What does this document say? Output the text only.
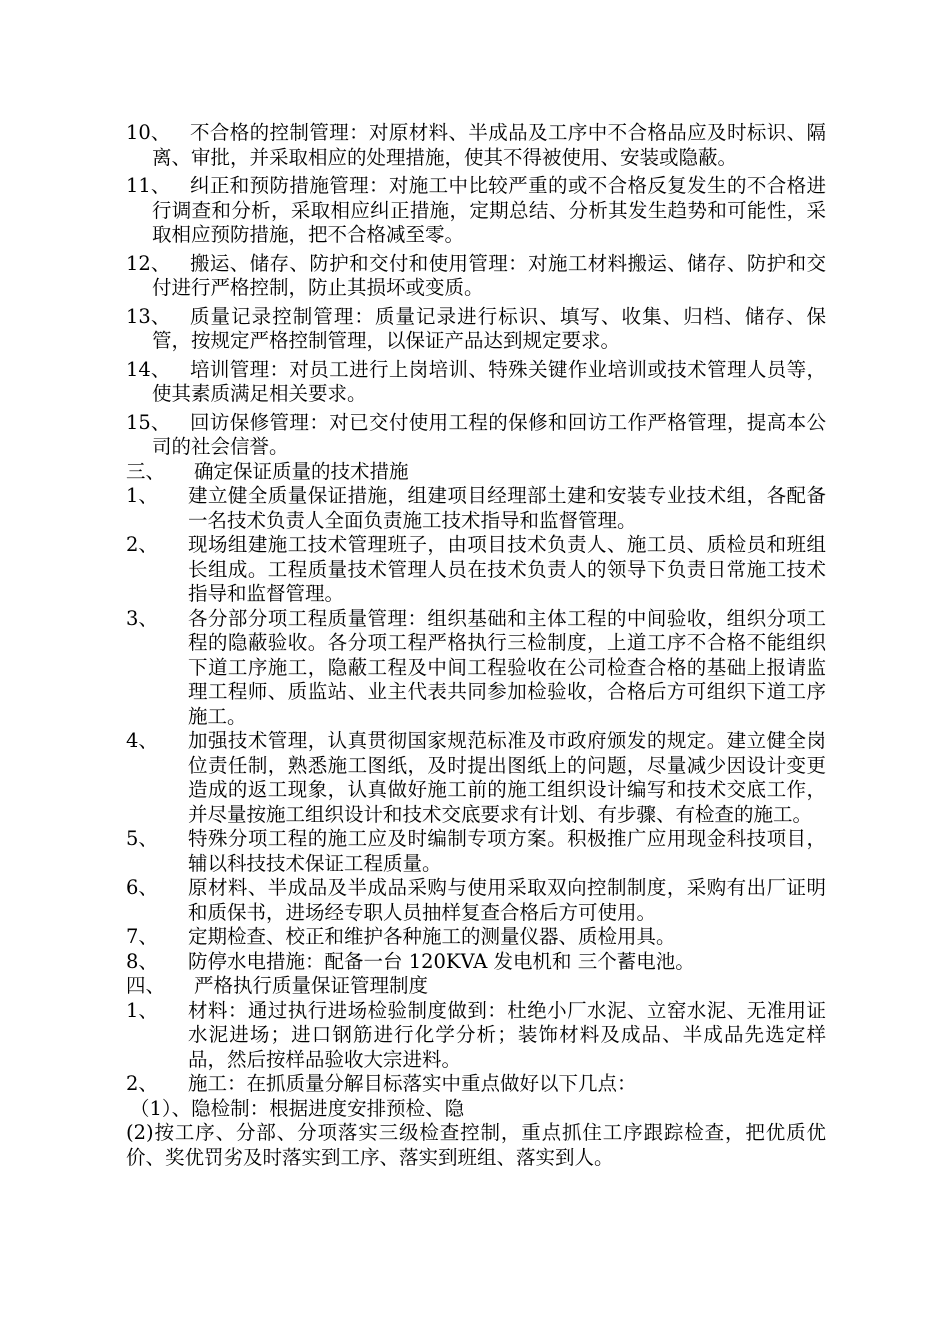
10、	不合格的控制管理：对原材料、半成品及工序中不合格品应及时标识、隔离、审批，并采取相应的处理措施，使其不得被使用、安装或隐蔽。
11、	纠正和预防措施管理：对施工中比较严重的或不合格反复发生的不合格进行调查和分析，采取相应纠正措施，定期总结、分析其发生趋势和可能性，采取相应预防措施，把不合格减至零。
12、	搬运、储存、防护和交付和使用管理：对施工材料搬运、储存、防护和交付进行严格控制，防止其损坏或变质。
13、	质量记录控制管理：质量记录进行标识、填写、收集、归档、储存、保管，按规定严格控制管理，以保证产品达到规定要求。
14、	培训管理：对员工进行上岗培训、特殊关键作业培训或技术管理人员等，使其素质满足相关要求。
15、	回访保修管理：对已交付使用工程的保修和回访工作严格管理，提高本公司的社会信誉。
三、	确定保证质量的技术措施
1、 建立健全质量保证措施，组建项目经理部土建和安装专业技术组，各配备一名技术负责人全面负责施工技术指导和监督管理。
2、 现场组建施工技术管理班子，由项目技术负责人、施工员、质检员和班组长组成。工程质量技术管理人员在技术负责人的领导下负责日常施工技术指导和监督管理。
3、 各分部分项工程质量管理：组织基础和主体工程的中间验收，组织分项工程的隐蔽验收。各分项工程严格执行三检制度，上道工序不合格不能组织下道工序施工，隐蔽工程及中间工程验收在公司检查合格的基础上报请监理工程师、质监站、业主代表共同参加检验收，合格后方可组织下道工序施工。
4、 加强技术管理，认真贯彻国家规范标准及市政府颁发的规定。建立健全岗位责任制，熟悉施工图纸，及时提出图纸上的问题，尽量减少因设计变更造成的返工现象，认真做好施工前的施工组织设计编写和技术交底工作，并尽量按施工组织设计和技术交底要求有计划、有步骤、有检查的施工。
5、 特殊分项工程的施工应及时编制专项方案。积极推广应用现金科技项目，辅以科技技术保证工程质量。
6、 原材料、半成品及半成品采购与使用采取双向控制制度，采购有出厂证明和质保书，进场经专职人员抽样复查合格后方可使用。
7、 定期检查、校正和维护各种施工的测量仪器、质检用具。
8、 防停水电措施：配备一台 120KVA 发电机和 三个蓄电池。
四、	严格执行质量保证管理制度
1、 材料：通过执行进场检验制度做到：杜绝小厂水泥、立窑水泥、无准用证水泥进场；进口钢筋进行化学分析；装饰材料及成品、半成品先选定样品，然后按样品验收大宗进料。
2、 施工：在抓质量分解目标落实中重点做好以下几点：
（1）、隐检制：根据进度安排预检、隐
(2)按工序、分部、分项落实三级检查控制，重点抓住工序跟踪检查，把优质优价、奖优罚劣及时落实到工序、落实到班组、落实到人。
